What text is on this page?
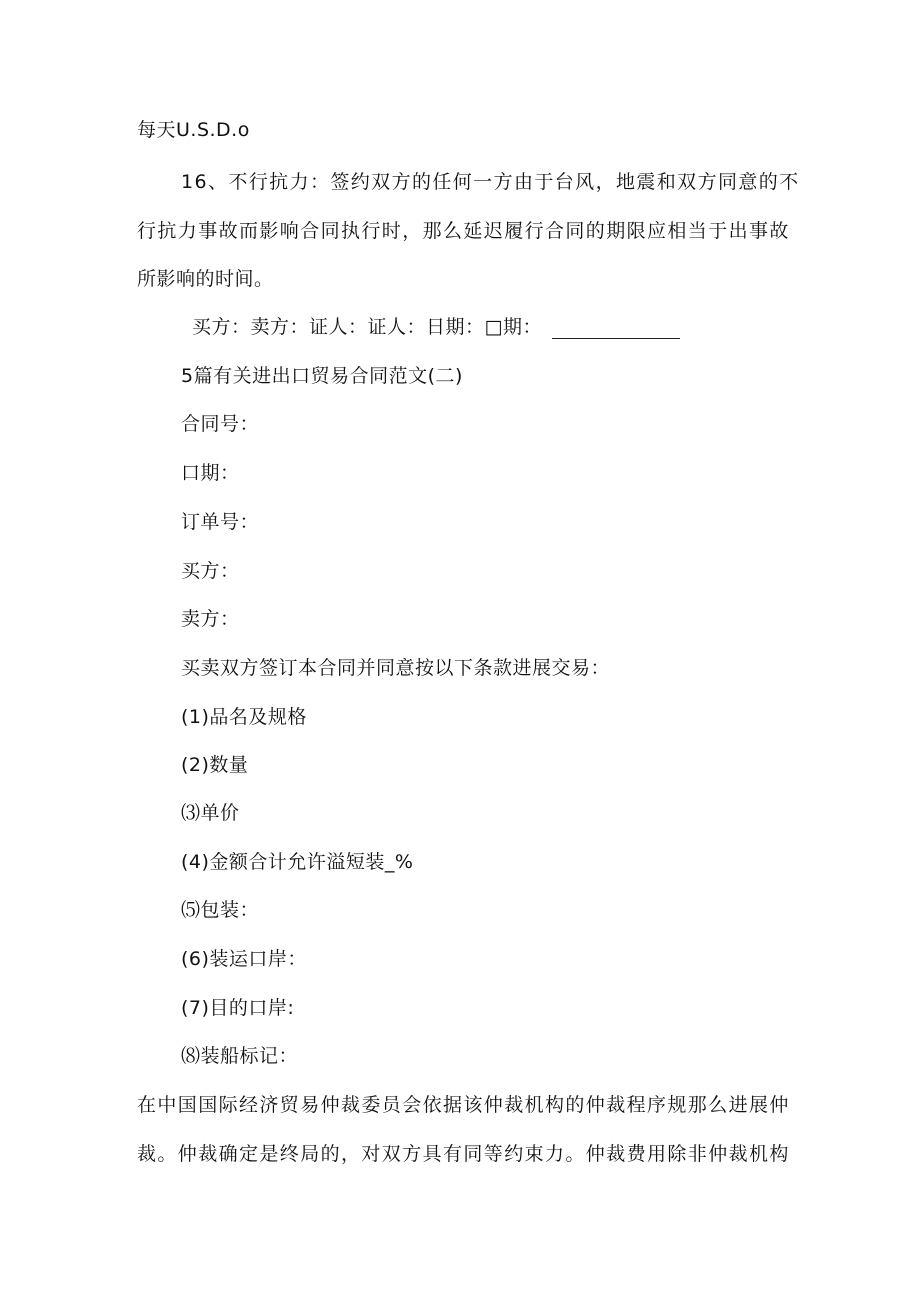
每天U.S.D.o
16、不行抗力：签约双方的任何一方由于台风，地震和双方同意的不
行抗力事故而影响合同执行时，那么延迟履行合同的期限应相当于出事故
所影响的时间。
买方：卖方：证人：证人：日期：□期：
5篇有关进出口贸易合同范文(二)
合同号：
口期：
订单号：
买方：
卖方：
买卖双方签订本合同并同意按以下条款进展交易：
(1)品名及规格
(2)数量
⑶单价
(4)金额合计允许溢短装_%
⑸包装：
(6)装运口岸：
(7)目的口岸:
⑻装船标记：
在中国国际经济贸易仲裁委员会依据该仲裁机构的仲裁程序规那么进展仲
裁。仲裁确定是终局的，对双方具有同等约束力。仲裁费用除非仲裁机构
